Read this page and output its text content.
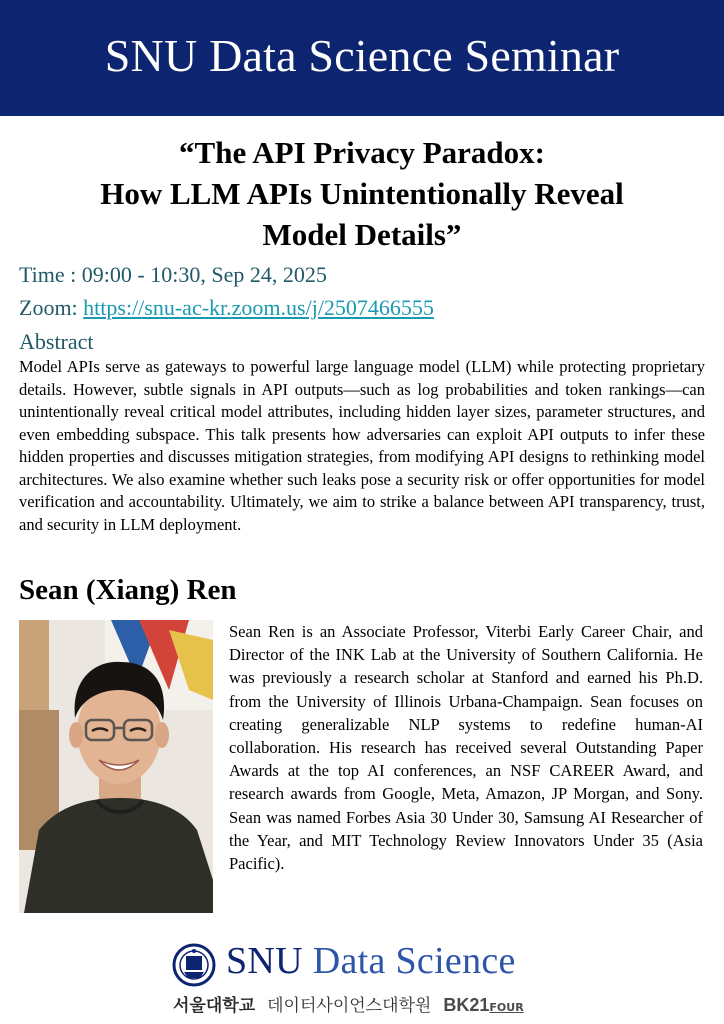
SNU Data Science Seminar
“The API Privacy Paradox:
How LLM APIs Unintentionally Reveal
Model Details”
Time : 09:00 - 10:30, Sep 24, 2025
Zoom: https://snu-ac-kr.zoom.us/j/2507466555
Abstract
Model APIs serve as gateways to powerful large language model (LLM) while protecting proprietary details. However, subtle signals in API outputs—such as log probabilities and token rankings—can unintentionally reveal critical model attributes, including hidden layer sizes, parameter structures, and even embedding subspace. This talk presents how adversaries can exploit API outputs to infer these hidden properties and discusses mitigation strategies, from modifying API designs to rethinking model architectures. We also examine whether such leaks pose a security risk or offer opportunities for model verification and accountability. Ultimately, we aim to strike a balance between API transparency, trust, and security in LLM deployment.
Sean (Xiang) Ren
Sean Ren is an Associate Professor, Viterbi Early Career Chair, and Director of the INK Lab at the University of Southern California. He was previously a research scholar at Stanford and earned his Ph.D. from the University of Illinois Urbana-Champaign. Sean focuses on creating generalizable NLP systems to redefine human-AI collaboration. His research has received several Outstanding Paper Awards at the top AI conferences, an NSF CAREER Award, and research awards from Google, Meta, Amazon, JP Morgan, and Sony. Sean was named Forbes Asia 30 Under 30, Samsung AI Researcher of the Year, and MIT Technology Review Innovators Under 35 (Asia Pacific).
SNU Data Science
서울대학교 데이터사이언스대학원 BK21FOUR
